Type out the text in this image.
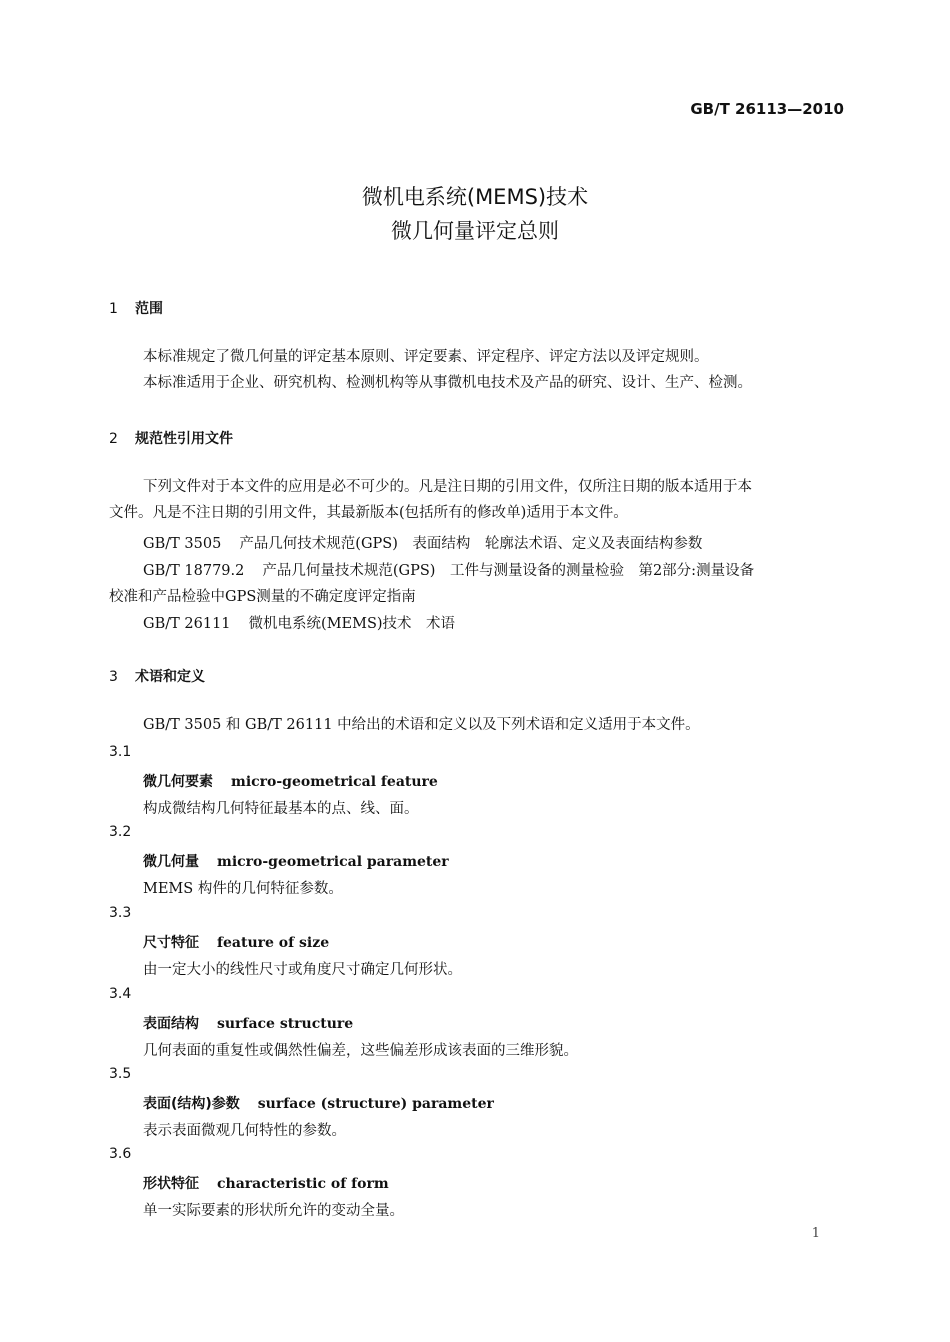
GB/T 26113—2010
微机电系统(MEMS)技术
微几何量评定总则
1 范围
本标准规定了微几何量的评定基本原则、评定要素、评定程序、评定方法以及评定规则。
本标准适用于企业、研究机构、检测机构等从事微机电技术及产品的研究、设计、生产、检测。
2 规范性引用文件
下列文件对于本文件的应用是必不可少的。凡是注日期的引用文件，仅所注日期的版本适用于本
文件。凡是不注日期的引用文件，其最新版本(包括所有的修改单)适用于本文件。
GB/T 3505 产品几何技术规范(GPS)　表面结构　轮廓法术语、定义及表面结构参数
GB/T 18779.2 产品几何量技术规范(GPS)　工件与测量设备的测量检验　第2部分:测量设备
校准和产品检验中GPS测量的不确定度评定指南
GB/T 26111 微机电系统(MEMS)技术　术语
3 术语和定义
GB/T 3505 和 GB/T 26111 中给出的术语和定义以及下列术语和定义适用于本文件。
3.1
微几何要素 micro-geometrical feature
构成微结构几何特征最基本的点、线、面。
3.2
微几何量 micro-geometrical parameter
MEMS 构件的几何特征参数。
3.3
尺寸特征 feature of size
由一定大小的线性尺寸或角度尺寸确定几何形状。
3.4
表面结构 surface structure
几何表面的重复性或偶然性偏差，这些偏差形成该表面的三维形貌。
3.5
表面(结构)参数 surface (structure) parameter
表示表面微观几何特性的参数。
3.6
形状特征 characteristic of form
单一实际要素的形状所允许的变动全量。
1
